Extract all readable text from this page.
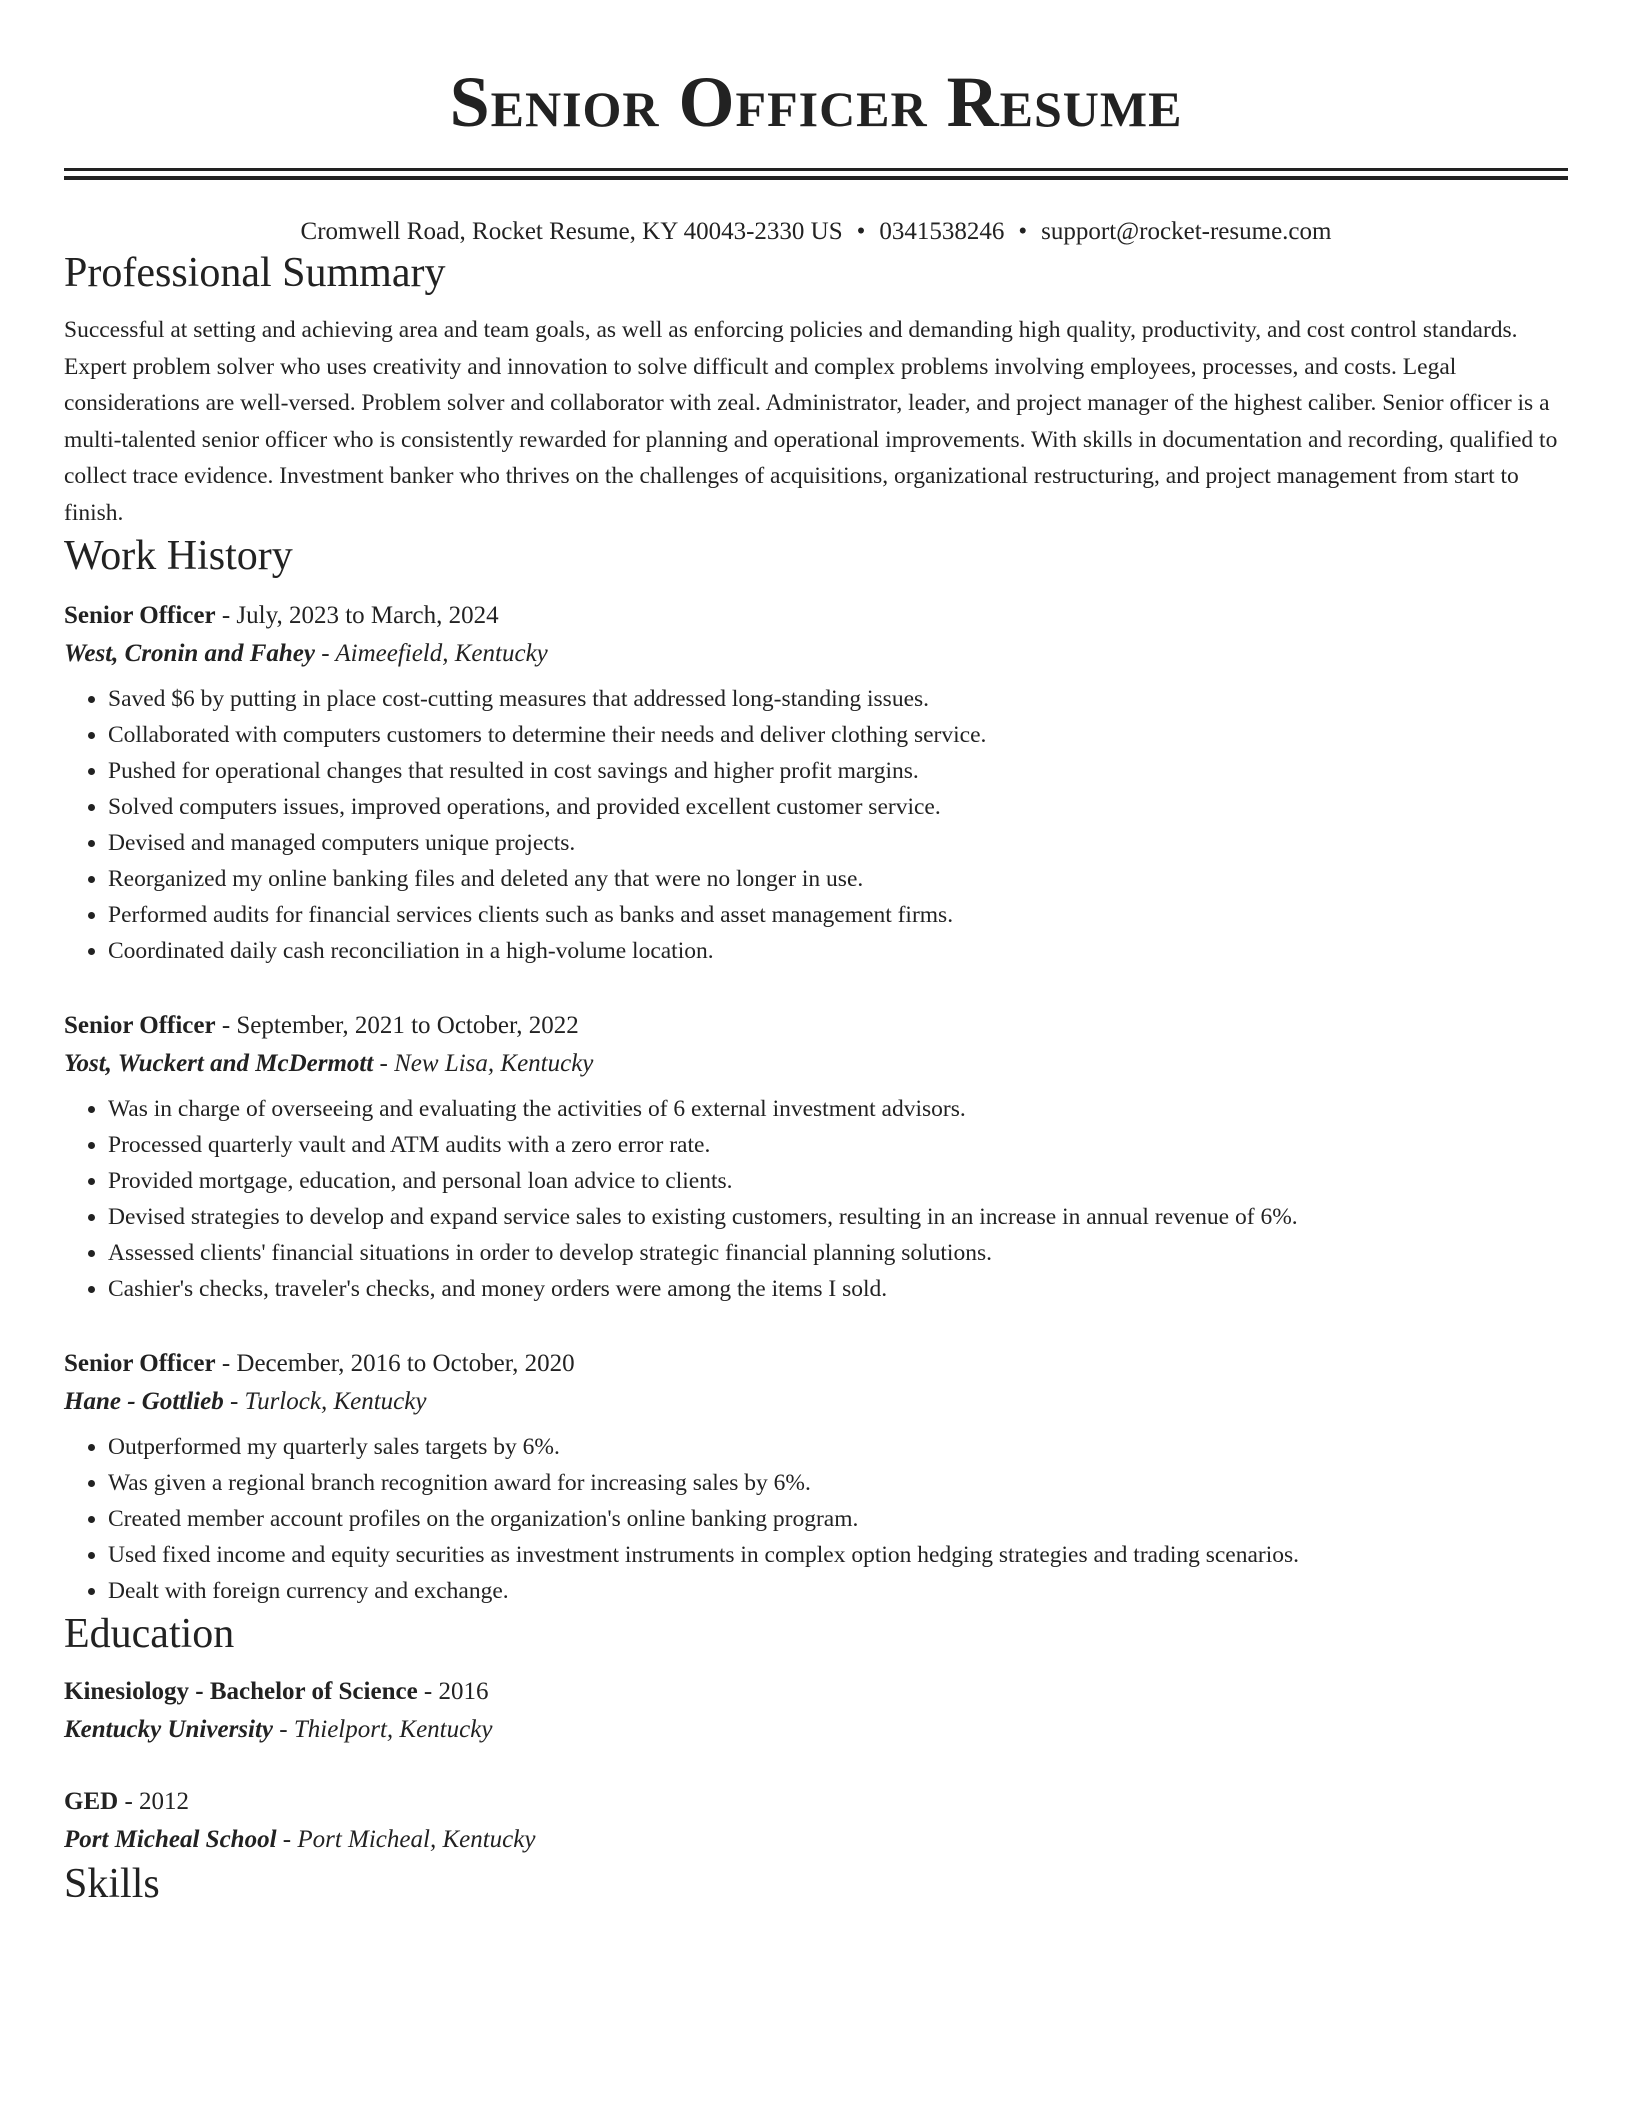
Senior Officer Resume
Cromwell Road, Rocket Resume, KY 40043-2330 US • 0341538246 • support@rocket-resume.com
Professional Summary
Successful at setting and achieving area and team goals, as well as enforcing policies and demanding high quality, productivity, and cost control standards. Expert problem solver who uses creativity and innovation to solve difficult and complex problems involving employees, processes, and costs. Legal considerations are well-versed. Problem solver and collaborator with zeal. Administrator, leader, and project manager of the highest caliber. Senior officer is a multi-talented senior officer who is consistently rewarded for planning and operational improvements. With skills in documentation and recording, qualified to collect trace evidence. Investment banker who thrives on the challenges of acquisitions, organizational restructuring, and project management from start to finish.
Work History
Senior Officer - July, 2023 to March, 2024
West, Cronin and Fahey - Aimeefield, Kentucky
• Saved $6 by putting in place cost-cutting measures that addressed long-standing issues.
• Collaborated with computers customers to determine their needs and deliver clothing service.
• Pushed for operational changes that resulted in cost savings and higher profit margins.
• Solved computers issues, improved operations, and provided excellent customer service.
• Devised and managed computers unique projects.
• Reorganized my online banking files and deleted any that were no longer in use.
• Performed audits for financial services clients such as banks and asset management firms.
• Coordinated daily cash reconciliation in a high-volume location.
Senior Officer - September, 2021 to October, 2022
Yost, Wuckert and McDermott - New Lisa, Kentucky
• Was in charge of overseeing and evaluating the activities of 6 external investment advisors.
• Processed quarterly vault and ATM audits with a zero error rate.
• Provided mortgage, education, and personal loan advice to clients.
• Devised strategies to develop and expand service sales to existing customers, resulting in an increase in annual revenue of 6%.
• Assessed clients' financial situations in order to develop strategic financial planning solutions.
• Cashier's checks, traveler's checks, and money orders were among the items I sold.
Senior Officer - December, 2016 to October, 2020
Hane - Gottlieb - Turlock, Kentucky
• Outperformed my quarterly sales targets by 6%.
• Was given a regional branch recognition award for increasing sales by 6%.
• Created member account profiles on the organization's online banking program.
• Used fixed income and equity securities as investment instruments in complex option hedging strategies and trading scenarios.
• Dealt with foreign currency and exchange.
Education
Kinesiology - Bachelor of Science - 2016
Kentucky University - Thielport, Kentucky
GED - 2012
Port Micheal School - Port Micheal, Kentucky
Skills
